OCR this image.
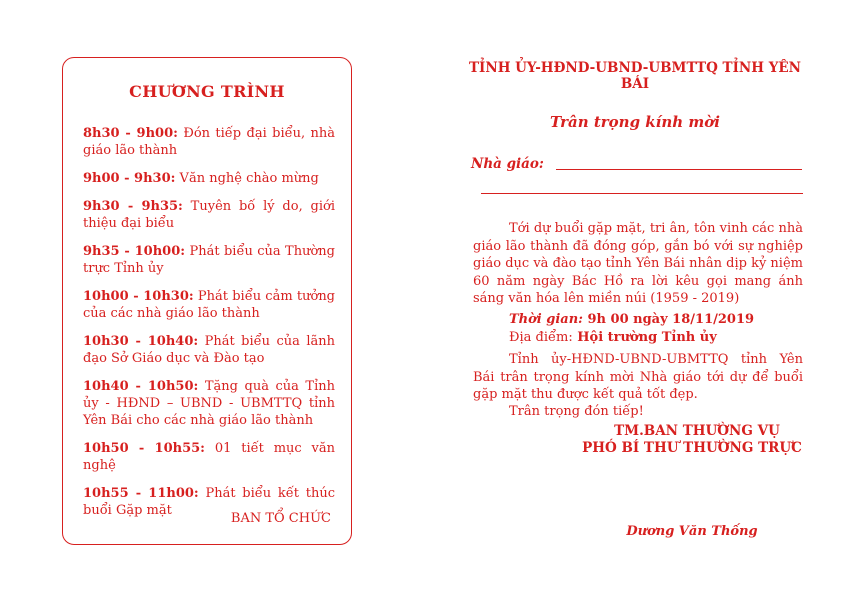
CHƯƠNG TRÌNH
8h30 - 9h00: Đón tiếp đại biểu, nhà giáo lão thành
9h00 - 9h30: Văn nghệ chào mừng
9h30 - 9h35: Tuyên bố lý do, giới thiệu đại biểu
9h35 - 10h00: Phát biểu của Thường trực Tỉnh ủy
10h00 - 10h30: Phát biểu cảm tưởng của các nhà giáo lão thành
10h30 - 10h40: Phát biểu của lãnh đạo Sở Giáo dục và Đào tạo
10h40 - 10h50: Tặng quà của Tỉnh ủy - HĐND – UBND - UBMTTQ tỉnh Yên Bái cho các nhà giáo lão thành
10h50 - 10h55: 01 tiết mục văn nghệ
10h55 - 11h00: Phát biểu kết thúc buổi Gặp mặt
BAN TỔ CHỨC
TỈNH ỦY-HĐND-UBND-UBMTTQ TỈNH YÊN BÁI
Trân trọng kính mời
Nhà giáo:

Tới dự buổi gặp mặt, tri ân, tôn vinh các nhà giáo lão thành đã đóng góp, gắn bó với sự nghiệp giáo dục và đào tạo tỉnh Yên Bái nhân dịp kỷ niệm 60 năm ngày Bác Hồ ra lời kêu gọi mang ánh sáng văn hóa lên miền núi (1959 - 2019)

Thời gian: 9h 00 ngày 18/11/2019
Địa điểm: Hội trường Tỉnh ủy

Tỉnh ủy-HĐND-UBND-UBMTTQ tỉnh Yên Bái trân trọng kính mời Nhà giáo tới dự để buổi gặp mặt thu được kết quả tốt đẹp.

Trân trọng đón tiếp!
TM.BAN THƯỜNG VỤ
PHÓ BÍ THƯ THƯỜNG TRỰC
Dương Văn Thống
